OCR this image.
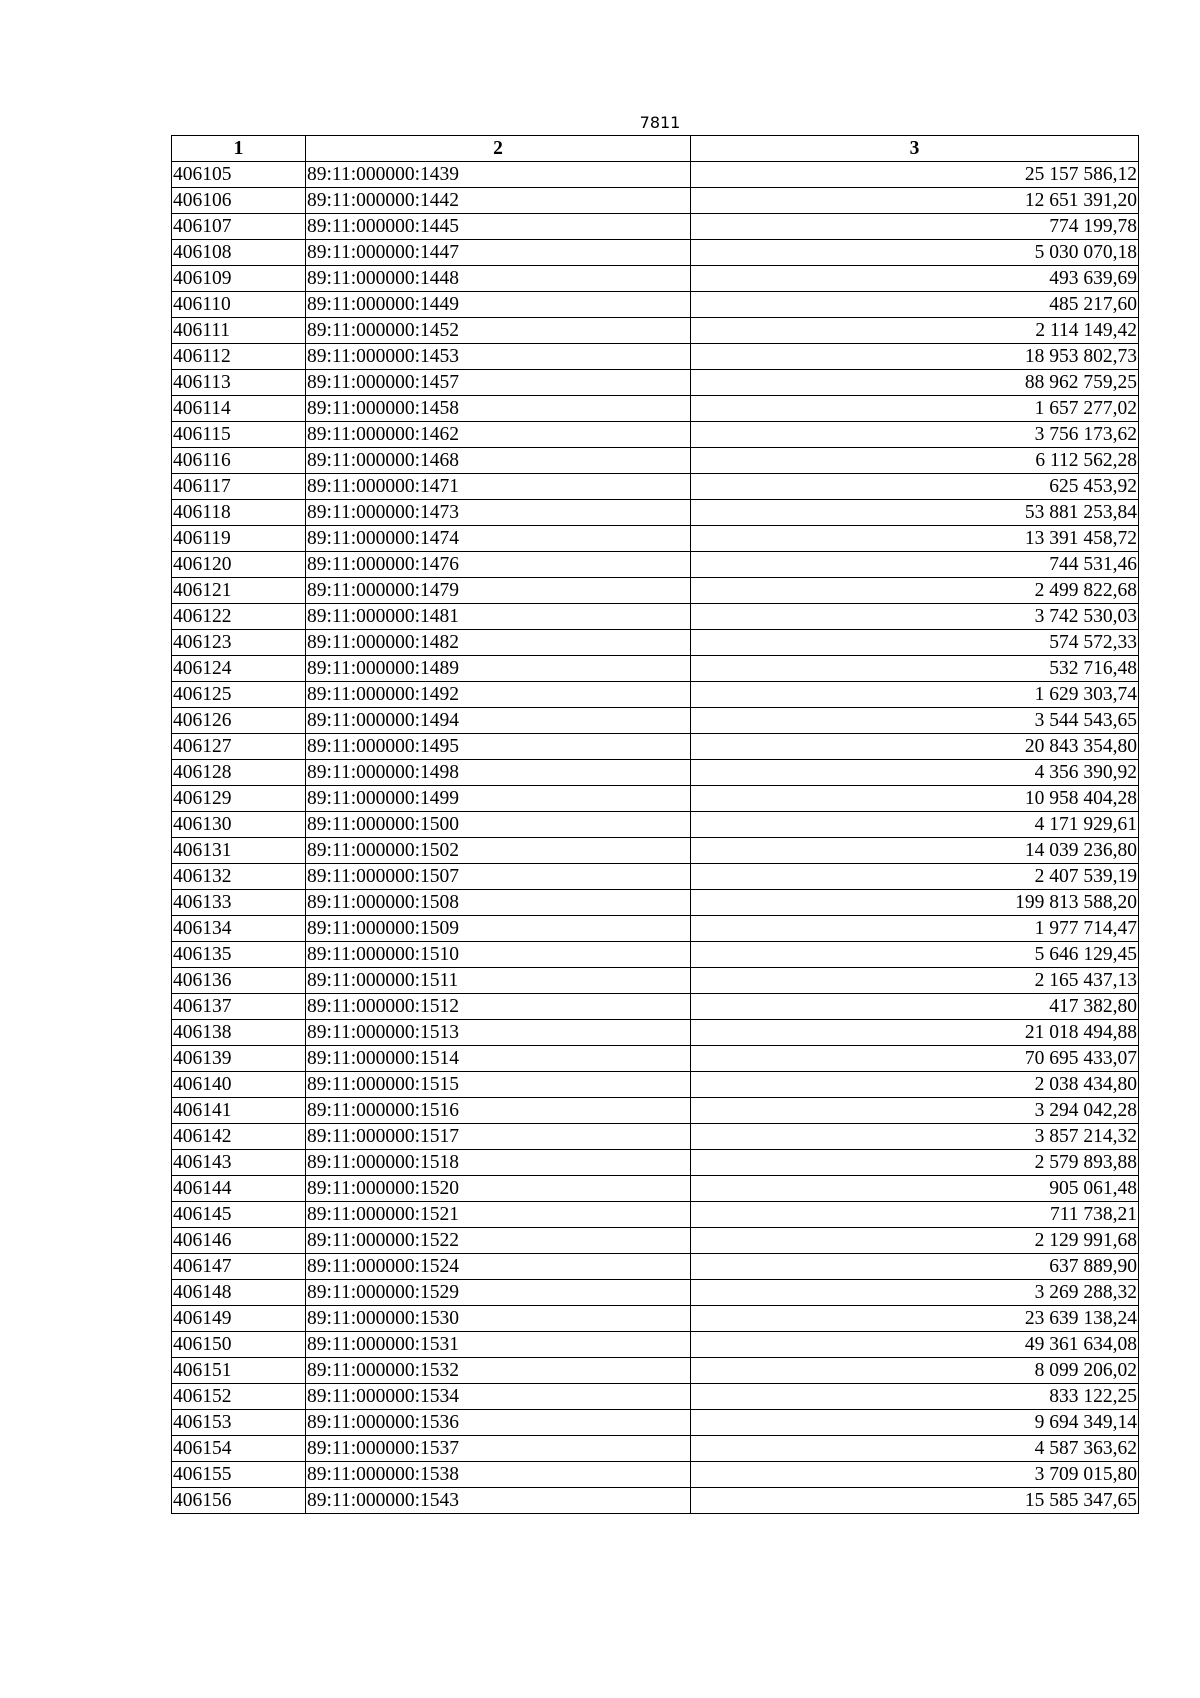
7811
1	2	3
406105	89:11:000000:1439	25 157 586,12
406106	89:11:000000:1442	12 651 391,20
406107	89:11:000000:1445	774 199,78
406108	89:11:000000:1447	5 030 070,18
406109	89:11:000000:1448	493 639,69
406110	89:11:000000:1449	485 217,60
406111	89:11:000000:1452	2 114 149,42
406112	89:11:000000:1453	18 953 802,73
406113	89:11:000000:1457	88 962 759,25
406114	89:11:000000:1458	1 657 277,02
406115	89:11:000000:1462	3 756 173,62
406116	89:11:000000:1468	6 112 562,28
406117	89:11:000000:1471	625 453,92
406118	89:11:000000:1473	53 881 253,84
406119	89:11:000000:1474	13 391 458,72
406120	89:11:000000:1476	744 531,46
406121	89:11:000000:1479	2 499 822,68
406122	89:11:000000:1481	3 742 530,03
406123	89:11:000000:1482	574 572,33
406124	89:11:000000:1489	532 716,48
406125	89:11:000000:1492	1 629 303,74
406126	89:11:000000:1494	3 544 543,65
406127	89:11:000000:1495	20 843 354,80
406128	89:11:000000:1498	4 356 390,92
406129	89:11:000000:1499	10 958 404,28
406130	89:11:000000:1500	4 171 929,61
406131	89:11:000000:1502	14 039 236,80
406132	89:11:000000:1507	2 407 539,19
406133	89:11:000000:1508	199 813 588,20
406134	89:11:000000:1509	1 977 714,47
406135	89:11:000000:1510	5 646 129,45
406136	89:11:000000:1511	2 165 437,13
406137	89:11:000000:1512	417 382,80
406138	89:11:000000:1513	21 018 494,88
406139	89:11:000000:1514	70 695 433,07
406140	89:11:000000:1515	2 038 434,80
406141	89:11:000000:1516	3 294 042,28
406142	89:11:000000:1517	3 857 214,32
406143	89:11:000000:1518	2 579 893,88
406144	89:11:000000:1520	905 061,48
406145	89:11:000000:1521	711 738,21
406146	89:11:000000:1522	2 129 991,68
406147	89:11:000000:1524	637 889,90
406148	89:11:000000:1529	3 269 288,32
406149	89:11:000000:1530	23 639 138,24
406150	89:11:000000:1531	49 361 634,08
406151	89:11:000000:1532	8 099 206,02
406152	89:11:000000:1534	833 122,25
406153	89:11:000000:1536	9 694 349,14
406154	89:11:000000:1537	4 587 363,62
406155	89:11:000000:1538	3 709 015,80
406156	89:11:000000:1543	15 585 347,65
